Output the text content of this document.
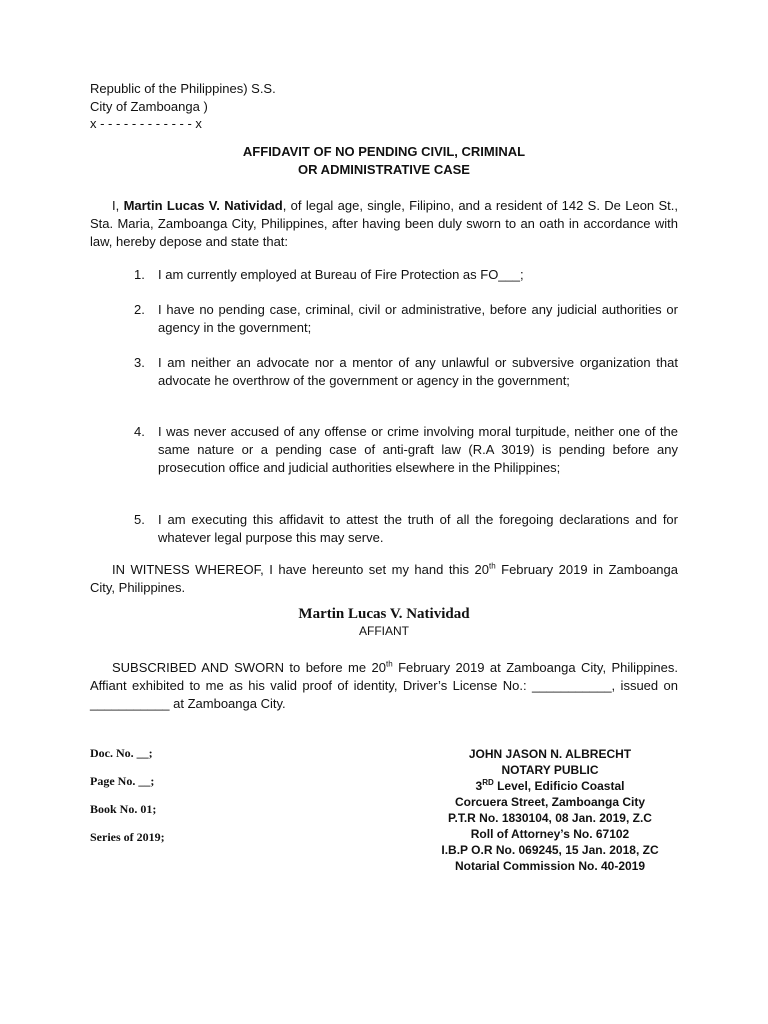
Republic of the Philippines) S.S.
City of Zamboanga )
x - - - - - - - - - - - - x
AFFIDAVIT OF NO PENDING CIVIL, CRIMINAL
OR ADMINISTRATIVE CASE
I, Martin Lucas V. Natividad, of legal age, single, Filipino, and a resident of 142 S. De Leon St., Sta. Maria, Zamboanga City, Philippines, after having been duly sworn to an oath in accordance with law, hereby depose and state that:
1. I am currently employed at Bureau of Fire Protection as FO___;
2. I have no pending case, criminal, civil or administrative, before any judicial authorities or agency in the government;
3. I am neither an advocate nor a mentor of any unlawful or subversive organization that advocate he overthrow of the government or agency in the government;
4. I was never accused of any offense or crime involving moral turpitude, neither one of the same nature or a pending case of anti-graft law (R.A 3019) is pending before any prosecution office and judicial authorities elsewhere in the Philippines;
5. I am executing this affidavit to attest the truth of all the foregoing declarations and for whatever legal purpose this may serve.
IN WITNESS WHEREOF, I have hereunto set my hand this 20th February 2019 in Zamboanga City, Philippines.
Martin Lucas V. Natividad
AFFIANT
SUBSCRIBED AND SWORN to before me 20th February 2019 at Zamboanga City, Philippines. Affiant exhibited to me as his valid proof of identity, Driver’s License No.: ___________, issued on ___________ at Zamboanga City.
Doc. No. __;
Page No. __;
Book No. 01;
Series of 2019;
JOHN JASON N. ALBRECHT
NOTARY PUBLIC
3RD Level, Edificio Coastal
Corcuera Street, Zamboanga City
P.T.R No. 1830104, 08 Jan. 2019, Z.C
Roll of Attorney’s No. 67102
I.B.P O.R No. 069245, 15 Jan. 2018, ZC
Notarial Commission No. 40-2019
